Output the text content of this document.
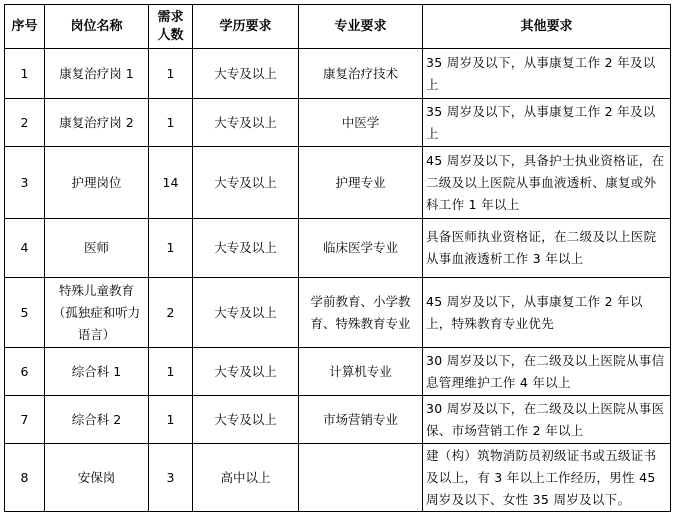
序号	岗位名称	需求人数	学历要求	专业要求	其他要求
1	康复治疗岗 1	1	大专及以上	康复治疗技术	35 周岁及以下，从事康复工作 2 年及以上
2	康复治疗岗 2	1	大专及以上	中医学	35 周岁及以下，从事康复工作 2 年及以上
3	护理岗位	14	大专及以上	护理专业	45 周岁及以下，具备护士执业资格证，在二级及以上医院从事血液透析、康复或外科工作 1 年以上
4	医师	1	大专及以上	临床医学专业	具备医师执业资格证，在二级及以上医院从事血液透析工作 3 年以上
5	特殊儿童教育（孤独症和听力语言）	2	大专及以上	学前教育、小学教育、特殊教育专业	45 周岁及以下，从事康复工作 2 年以上，特殊教育专业优先
6	综合科 1	1	大专及以上	计算机专业	30 周岁及以下，在二级及以上医院从事信息管理维护工作 4 年以上
7	综合科 2	1	大专及以上	市场营销专业	30 周岁及以下，在二级及以上医院从事医保、市场营销工作 2 年以上
8	安保岗	3	高中以上		建（构）筑物消防员初级证书或五级证书及以上，有 3 年以上工作经历，男性 45 周岁及以下、女性 35 周岁及以下。
